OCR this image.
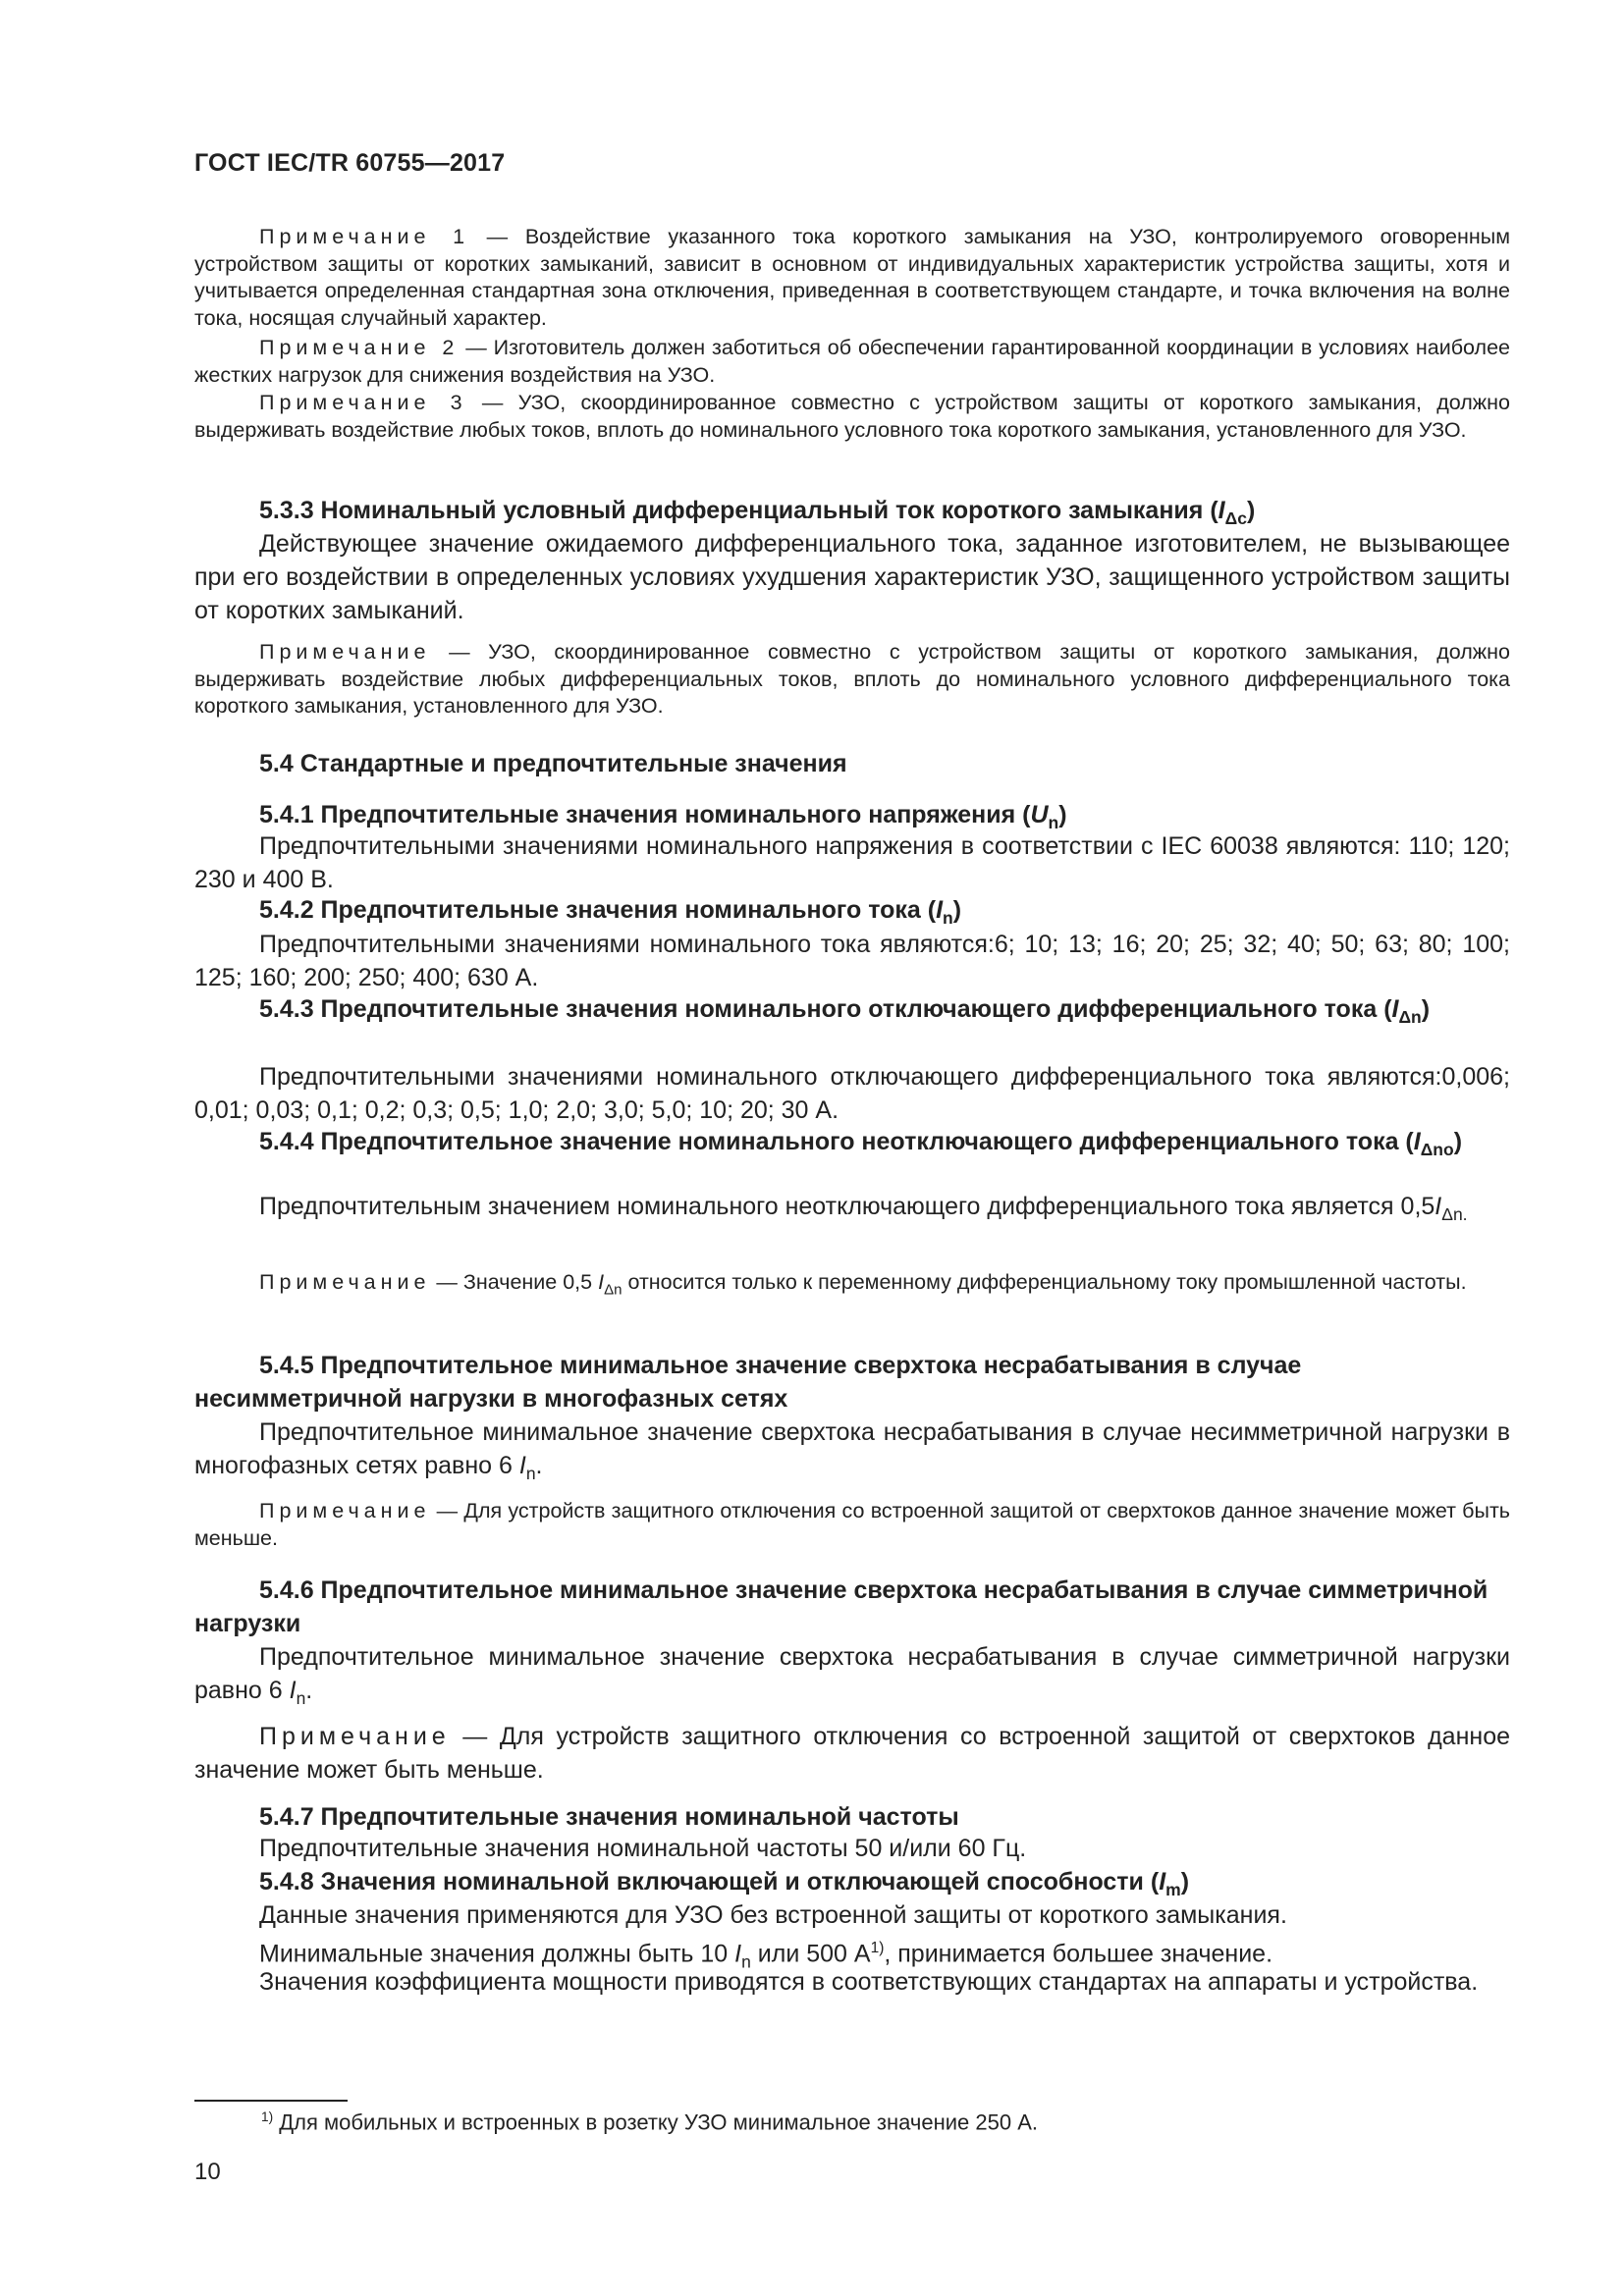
ГОСТ IEC/TR 60755—2017
Примечание 1 — Воздействие указанного тока короткого замыкания на УЗО, контролируемого оговоренным устройством защиты от коротких замыканий, зависит в основном от индивидуальных характеристик устройства защиты, хотя и учитывается определенная стандартная зона отключения, приведенная в соответствующем стандарте, и точка включения на волне тока, носящая случайный характер.
Примечание 2 — Изготовитель должен заботиться об обеспечении гарантированной координации в условиях наиболее жестких нагрузок для снижения воздействия на УЗО.
Примечание 3 — УЗО, скоординированное совместно с устройством защиты от короткого замыкания, должно выдерживать воздействие любых токов, вплоть до номинального условного тока короткого замыкания, установленного для УЗО.
5.3.3 Номинальный условный дифференциальный ток короткого замыкания $(I_{\Delta c})$
Действующее значение ожидаемого дифференциального тока, заданное изготовителем, не вызывающее при его воздействии в определенных условиях ухудшения характеристик УЗО, защищенного устройством защиты от коротких замыканий.
Примечание — УЗО, скоординированное совместно с устройством защиты от короткого замыкания, должно выдерживать воздействие любых дифференциальных токов, вплоть до номинального условного дифференциального тока короткого замыкания, установленного для УЗО.
5.4 Стандартные и предпочтительные значения
5.4.1 Предпочтительные значения номинального напряжения $(U_n)$
Предпочтительными значениями номинального напряжения в соответствии с IEC 60038 являются: 110; 120; 230 и 400 В.
5.4.2 Предпочтительные значения номинального тока $(I_n)$
Предпочтительными значениями номинального тока являются:6; 10; 13; 16; 20; 25; 32; 40; 50; 63; 80; 100; 125; 160; 200; 250; 400; 630 А.
5.4.3 Предпочтительные значения номинального отключающего дифференциального тока $(I_{\Delta n})$
Предпочтительными значениями номинального отключающего дифференциального тока являются:0,006; 0,01; 0,03; 0,1; 0,2; 0,3; 0,5; 1,0; 2,0; 3,0; 5,0; 10; 20; 30 А.
5.4.4 Предпочтительное значение номинального неотключающего дифференциального тока $(I_{\Delta no})$
Предпочтительным значением номинального неотключающего дифференциального тока является $0,5I_{\Delta n.}$
Примечание — Значение 0,5 $I_{\Delta n}$ относится только к переменному дифференциальному току промышленной частоты.
5.4.5 Предпочтительное минимальное значение сверхтока несрабатывания в случае несимметричной нагрузки в многофазных сетях
Предпочтительное минимальное значение сверхтока несрабатывания в случае несимметричной нагрузки в многофазных сетях равно 6 $I_n$.
Примечание — Для устройств защитного отключения со встроенной защитой от сверхтоков данное значение может быть меньше.
5.4.6 Предпочтительное минимальное значение сверхтока несрабатывания в случае симметричной нагрузки
Предпочтительное минимальное значение сверхтока несрабатывания в случае симметричной нагрузки равно 6 $I_n$.
Примечание — Для устройств защитного отключения со встроенной защитой от сверхтоков данное значение может быть меньше.
5.4.7 Предпочтительные значения номинальной частоты
Предпочтительные значения номинальной частоты 50 и/или 60 Гц.
5.4.8 Значения номинальной включающей и отключающей способности $(I_m)$
Данные значения применяются для УЗО без встроенной защиты от короткого замыкания.
Минимальные значения должны быть 10 $I_n$ или 500 $А^{1)}$, принимается большее значение.
Значения коэффициента мощности приводятся в соответствующих стандартах на аппараты и устройства.
$^{1)}$ Для мобильных и встроенных в розетку УЗО минимальное значение 250 А.
10
